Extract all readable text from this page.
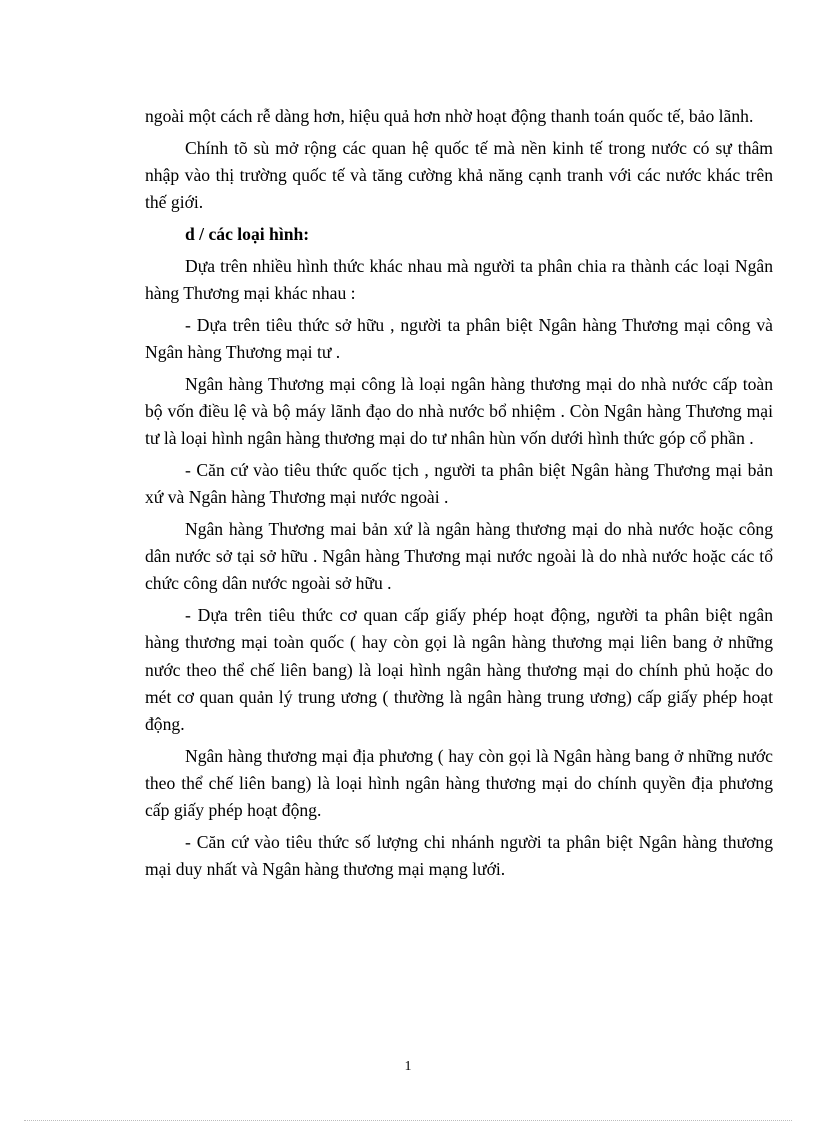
ngoài một cách rễ dàng hơn, hiệu quả hơn nhờ hoạt động thanh toán quốc tế, bảo lãnh.

Chính tõ sù mở rộng các quan hệ quốc tế mà nền kinh tế trong nước có sự thâm nhập vào thị trường quốc tế và tăng cường khả năng cạnh tranh với các nước khác trên thế giới.

d / các loại hình:

Dựa trên nhiều hình thức khác nhau mà người ta phân chia ra thành các loại Ngân hàng Thương mại khác nhau :

- Dựa trên tiêu thức sở hữu , người ta phân biệt Ngân hàng Thương mại công và Ngân hàng Thương mại tư .

Ngân hàng Thương mại công là loại ngân hàng thương mại do nhà nước cấp toàn bộ vốn điều lệ và bộ máy lãnh đạo do nhà nước bổ nhiệm . Còn Ngân hàng Thương mại tư là loại hình ngân hàng thương mại do tư nhân hùn vốn dưới hình thức góp cổ phần .

- Căn cứ vào tiêu thức quốc tịch , người ta phân biệt Ngân hàng Thương mại bản xứ và Ngân hàng Thương mại nước ngoài .

Ngân hàng Thương mai bản xứ là ngân hàng thương mại do nhà nước hoặc công dân nước sở tại sở hữu . Ngân hàng Thương mại nước ngoài là do nhà nước hoặc các tổ chức công dân nước ngoài sở hữu .

- Dựa trên tiêu thức cơ quan cấp giấy phép hoạt động, người ta phân biệt ngân hàng thương mại toàn quốc ( hay còn gọi là ngân hàng thương mại liên bang ở những nước theo thể chế liên bang) là loại hình ngân hàng thương mại do chính phủ hoặc do mét cơ quan quản lý trung ương ( thường là ngân hàng trung ương) cấp giấy phép hoạt động.

Ngân hàng thương mại địa phương ( hay còn gọi là Ngân hàng bang ở những nước theo thể chế liên bang) là loại hình ngân hàng thương mại do chính quyền địa phương cấp giấy phép hoạt động.

- Căn cứ vào tiêu thức số lượng chi nhánh người ta phân biệt Ngân hàng thương mại duy nhất và Ngân hàng thương mại mạng lưới.

1
